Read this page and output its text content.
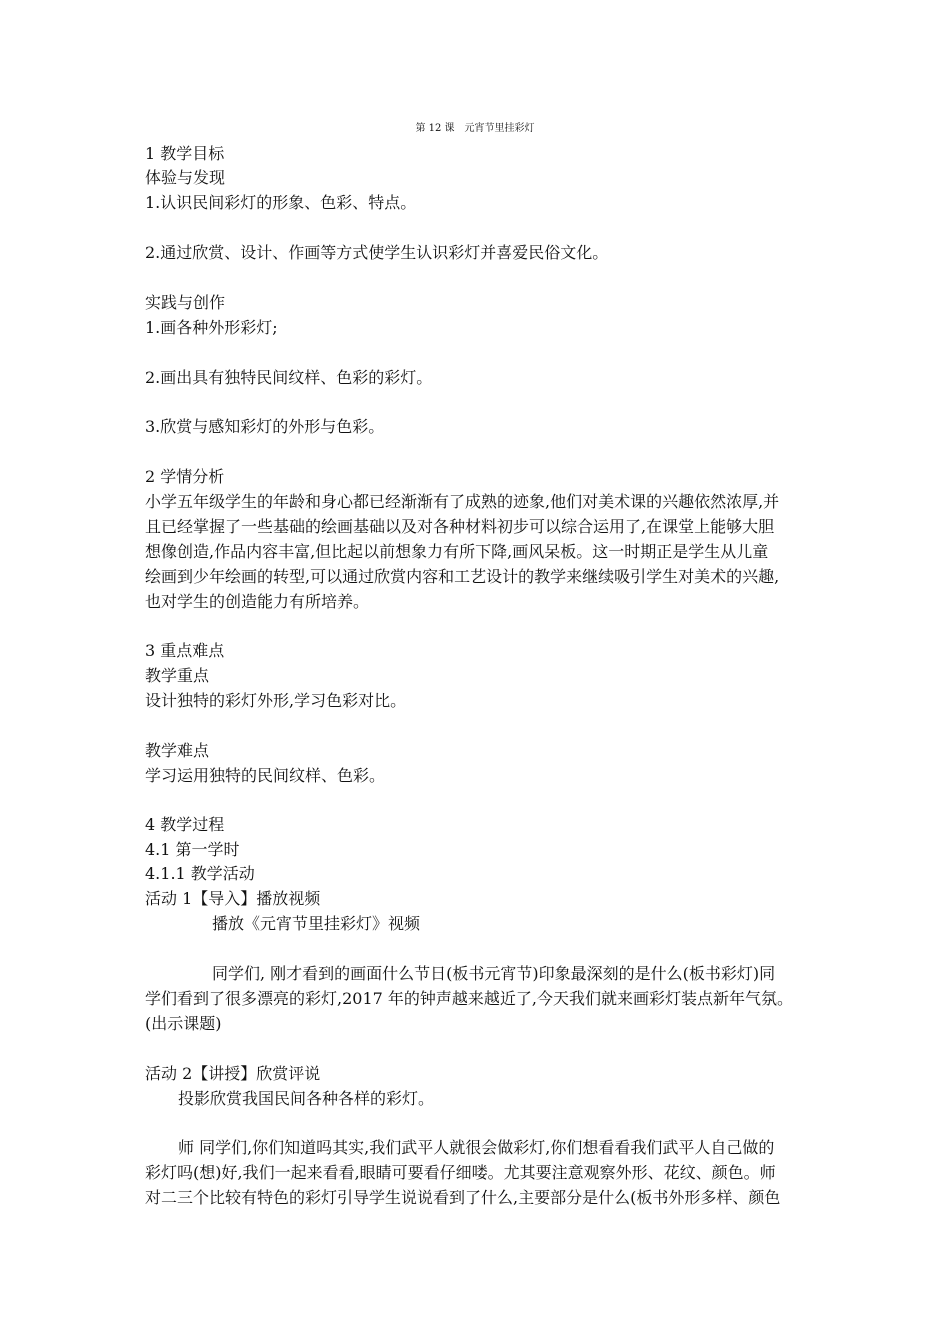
第 12 课　元宵节里挂彩灯
1 教学目标
体验与发现
1.认识民间彩灯的形象、色彩、特点。
2.通过欣赏、设计、作画等方式使学生认识彩灯并喜爱民俗文化。
实践与创作
1.画各种外形彩灯;
2.画出具有独特民间纹样、色彩的彩灯。
3.欣赏与感知彩灯的外形与色彩。
2 学情分析
小学五年级学生的年龄和身心都已经渐渐有了成熟的迹象,他们对美术课的兴趣依然浓厚,并
且已经掌握了一些基础的绘画基础以及对各种材料初步可以综合运用了,在课堂上能够大胆
想像创造,作品内容丰富,但比起以前想象力有所下降,画风呆板。这一时期正是学生从儿童
绘画到少年绘画的转型,可以通过欣赏内容和工艺设计的教学来继续吸引学生对美术的兴趣,
也对学生的创造能力有所培养。
3 重点难点
教学重点
设计独特的彩灯外形,学习色彩对比。
教学难点
学习运用独特的民间纹样、色彩。
4 教学过程
4.1 第一学时
4.1.1 教学活动
活动 1【导入】播放视频
播放《元宵节里挂彩灯》视频
同学们, 刚才看到的画面什么节日(板书元宵节)印象最深刻的是什么(板书彩灯)同
学们看到了很多漂亮的彩灯,2017 年的钟声越来越近了,今天我们就来画彩灯装点新年气氛。
(出示课题)
活动 2【讲授】欣赏评说
投影欣赏我国民间各种各样的彩灯。
师 同学们,你们知道吗其实,我们武平人就很会做彩灯,你们想看看我们武平人自己做的
彩灯吗(想)好,我们一起来看看,眼睛可要看仔细喽。尤其要注意观察外形、花纹、颜色。师
对二三个比较有特色的彩灯引导学生说说看到了什么,主要部分是什么(板书外形多样、颜色
